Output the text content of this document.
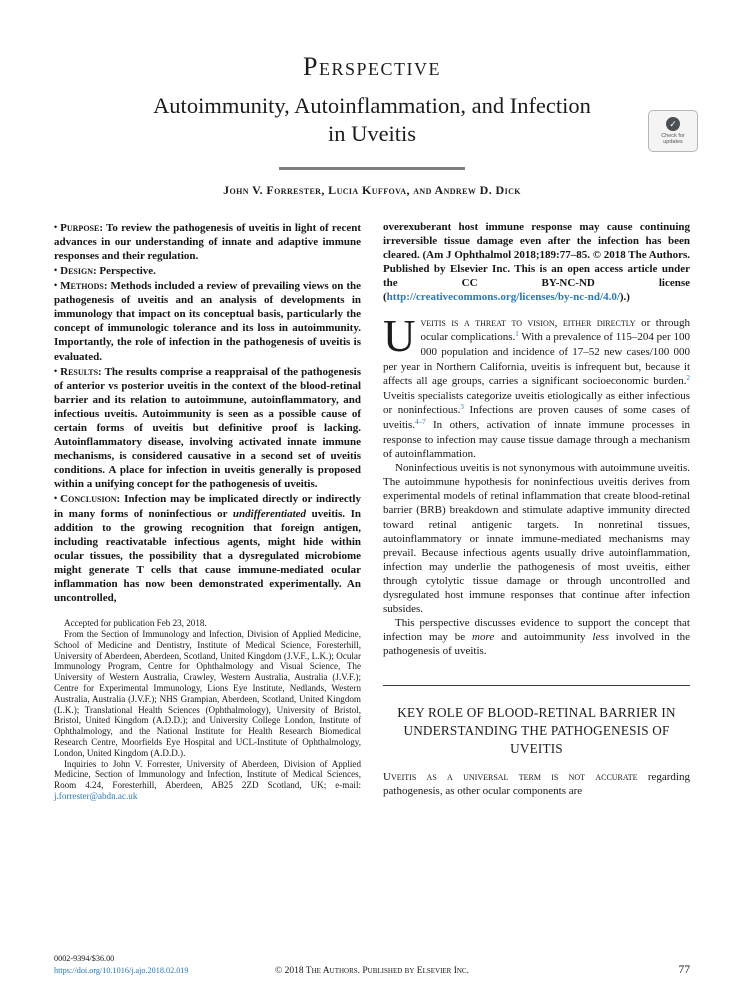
Perspective
Autoimmunity, Autoinflammation, and Infection
in Uveitis	✓
Check for updates
John V. Forrester, Lucia Kuffova, and Andrew D. Dick

• Purpose: To review the pathogenesis of uveitis in light of recent advances in our understanding of innate and adaptive immune responses and their regulation.

• Design: Perspective.

• Methods: Methods included a review of prevailing views on the pathogenesis of uveitis and an analysis of developments in immunology that impact on its conceptual basis, particularly the concept of immunologic tolerance and its loss in autoimmunity. Importantly, the role of infection in the pathogenesis of uveitis is evaluated.

• Results: The results comprise a reappraisal of the pathogenesis of anterior vs posterior uveitis in the context of the blood-retinal barrier and its relation to autoimmune, autoinflammatory, and infectious uveitis. Autoimmunity is seen as a possible cause of certain forms of uveitis but definitive proof is lacking. Autoinflammatory disease, involving activated innate immune mechanisms, is considered causative in a second set of uveitis conditions. A place for infection in uveitis generally is proposed within a unifying concept for the pathogenesis of uveitis.

• Conclusion: Infection may be implicated directly or indirectly in many forms of noninfectious or undifferentiated uveitis. In addition to the growing recognition that foreign antigen, including reactivatable infectious agents, might hide within ocular tissues, the possibility that a dysregulated microbiome might generate T cells that cause immune-mediated ocular inflammation has now been demonstrated experimentally. An uncontrolled,

Accepted for publication Feb 23, 2018.

From the Section of Immunology and Infection, Division of Applied Medicine, School of Medicine and Dentistry, Institute of Medical Science, Foresterhill, University of Aberdeen, Aberdeen, Scotland, United Kingdom (J.V.F., L.K.); Ocular Immunology Program, Centre for Ophthalmology and Visual Science, The University of Western Australia, Crawley, Western Australia, Australia (J.V.F.); Centre for Experimental Immunology, Lions Eye Institute, Nedlands, Western Australia, Australia (J.V.F.); NHS Grampian, Aberdeen, Scotland, United Kingdom (L.K.); Translational Health Sciences (Ophthalmology), University of Bristol, Bristol, United Kingdom (A.D.D.); and University College London, Institute of Ophthalmology, and the National Institute for Health Research Biomedical Research Centre, Moorfields Eye Hospital and UCL-Institute of Ophthalmology, London, United Kingdom (A.D.D.).

Inquiries to John V. Forrester, University of Aberdeen, Division of Applied Medicine, Section of Immunology and Infection, Institute of Medical Sciences, Room 4.24, Foresterhill, Aberdeen, AB25 2ZD Scotland, UK; e-mail: j.forrester@abdn.ac.uk

overexuberant host immune response may cause continuing irreversible tissue damage even after the infection has been cleared. (Am J Ophthalmol 2018;189:77–85. © 2018 The Authors. Published by Elsevier Inc. This is an open access article under the CC BY-NC-ND license (http://creativecommons.org/licenses/by-nc-nd/4.0/).)

Uveitis is a threat to vision, either directly or through ocular complications.$^1$ With a prevalence of 115–204 per 100 000 population and incidence of 17–52 new cases/100 000 per year in Northern California, uveitis is infrequent but, because it affects all age groups, carries a significant socioeconomic burden.$^2$ Uveitis specialists categorize uveitis etiologically as either infectious or noninfectious.$^3$ Infections are proven causes of some cases of uveitis.$^{4-7}$ In others, activation of innate immune processes in response to infection may cause tissue damage through a mechanism of autoinflammation.

Noninfectious uveitis is not synonymous with autoimmune uveitis. The autoimmune hypothesis for noninfectious uveitis derives from experimental models of retinal inflammation that create blood-retinal barrier (BRB) breakdown and stimulate adaptive immunity directed toward retinal antigenic targets. In nonretinal tissues, autoinflammatory or innate immune-mediated mechanisms may prevail. Because infectious agents usually drive autoinflammation, infection may underlie the pathogenesis of most uveitis, either through cytolytic tissue damage or through uncontrolled and dysregulated host immune responses that continue after infection subsides.

This perspective discusses evidence to support the concept that infection may be more and autoimmunity less involved in the pathogenesis of uveitis.

KEY ROLE OF BLOOD-RETINAL BARRIER IN UNDERSTANDING THE PATHOGENESIS OF UVEITIS

Uveitis as a universal term is not accurate regarding pathogenesis, as other ocular components are

0002-9394/$36.00
https://doi.org/10.1016/j.ajo.2018.02.019	© 2018 The Authors. Published by Elsevier Inc.	77
